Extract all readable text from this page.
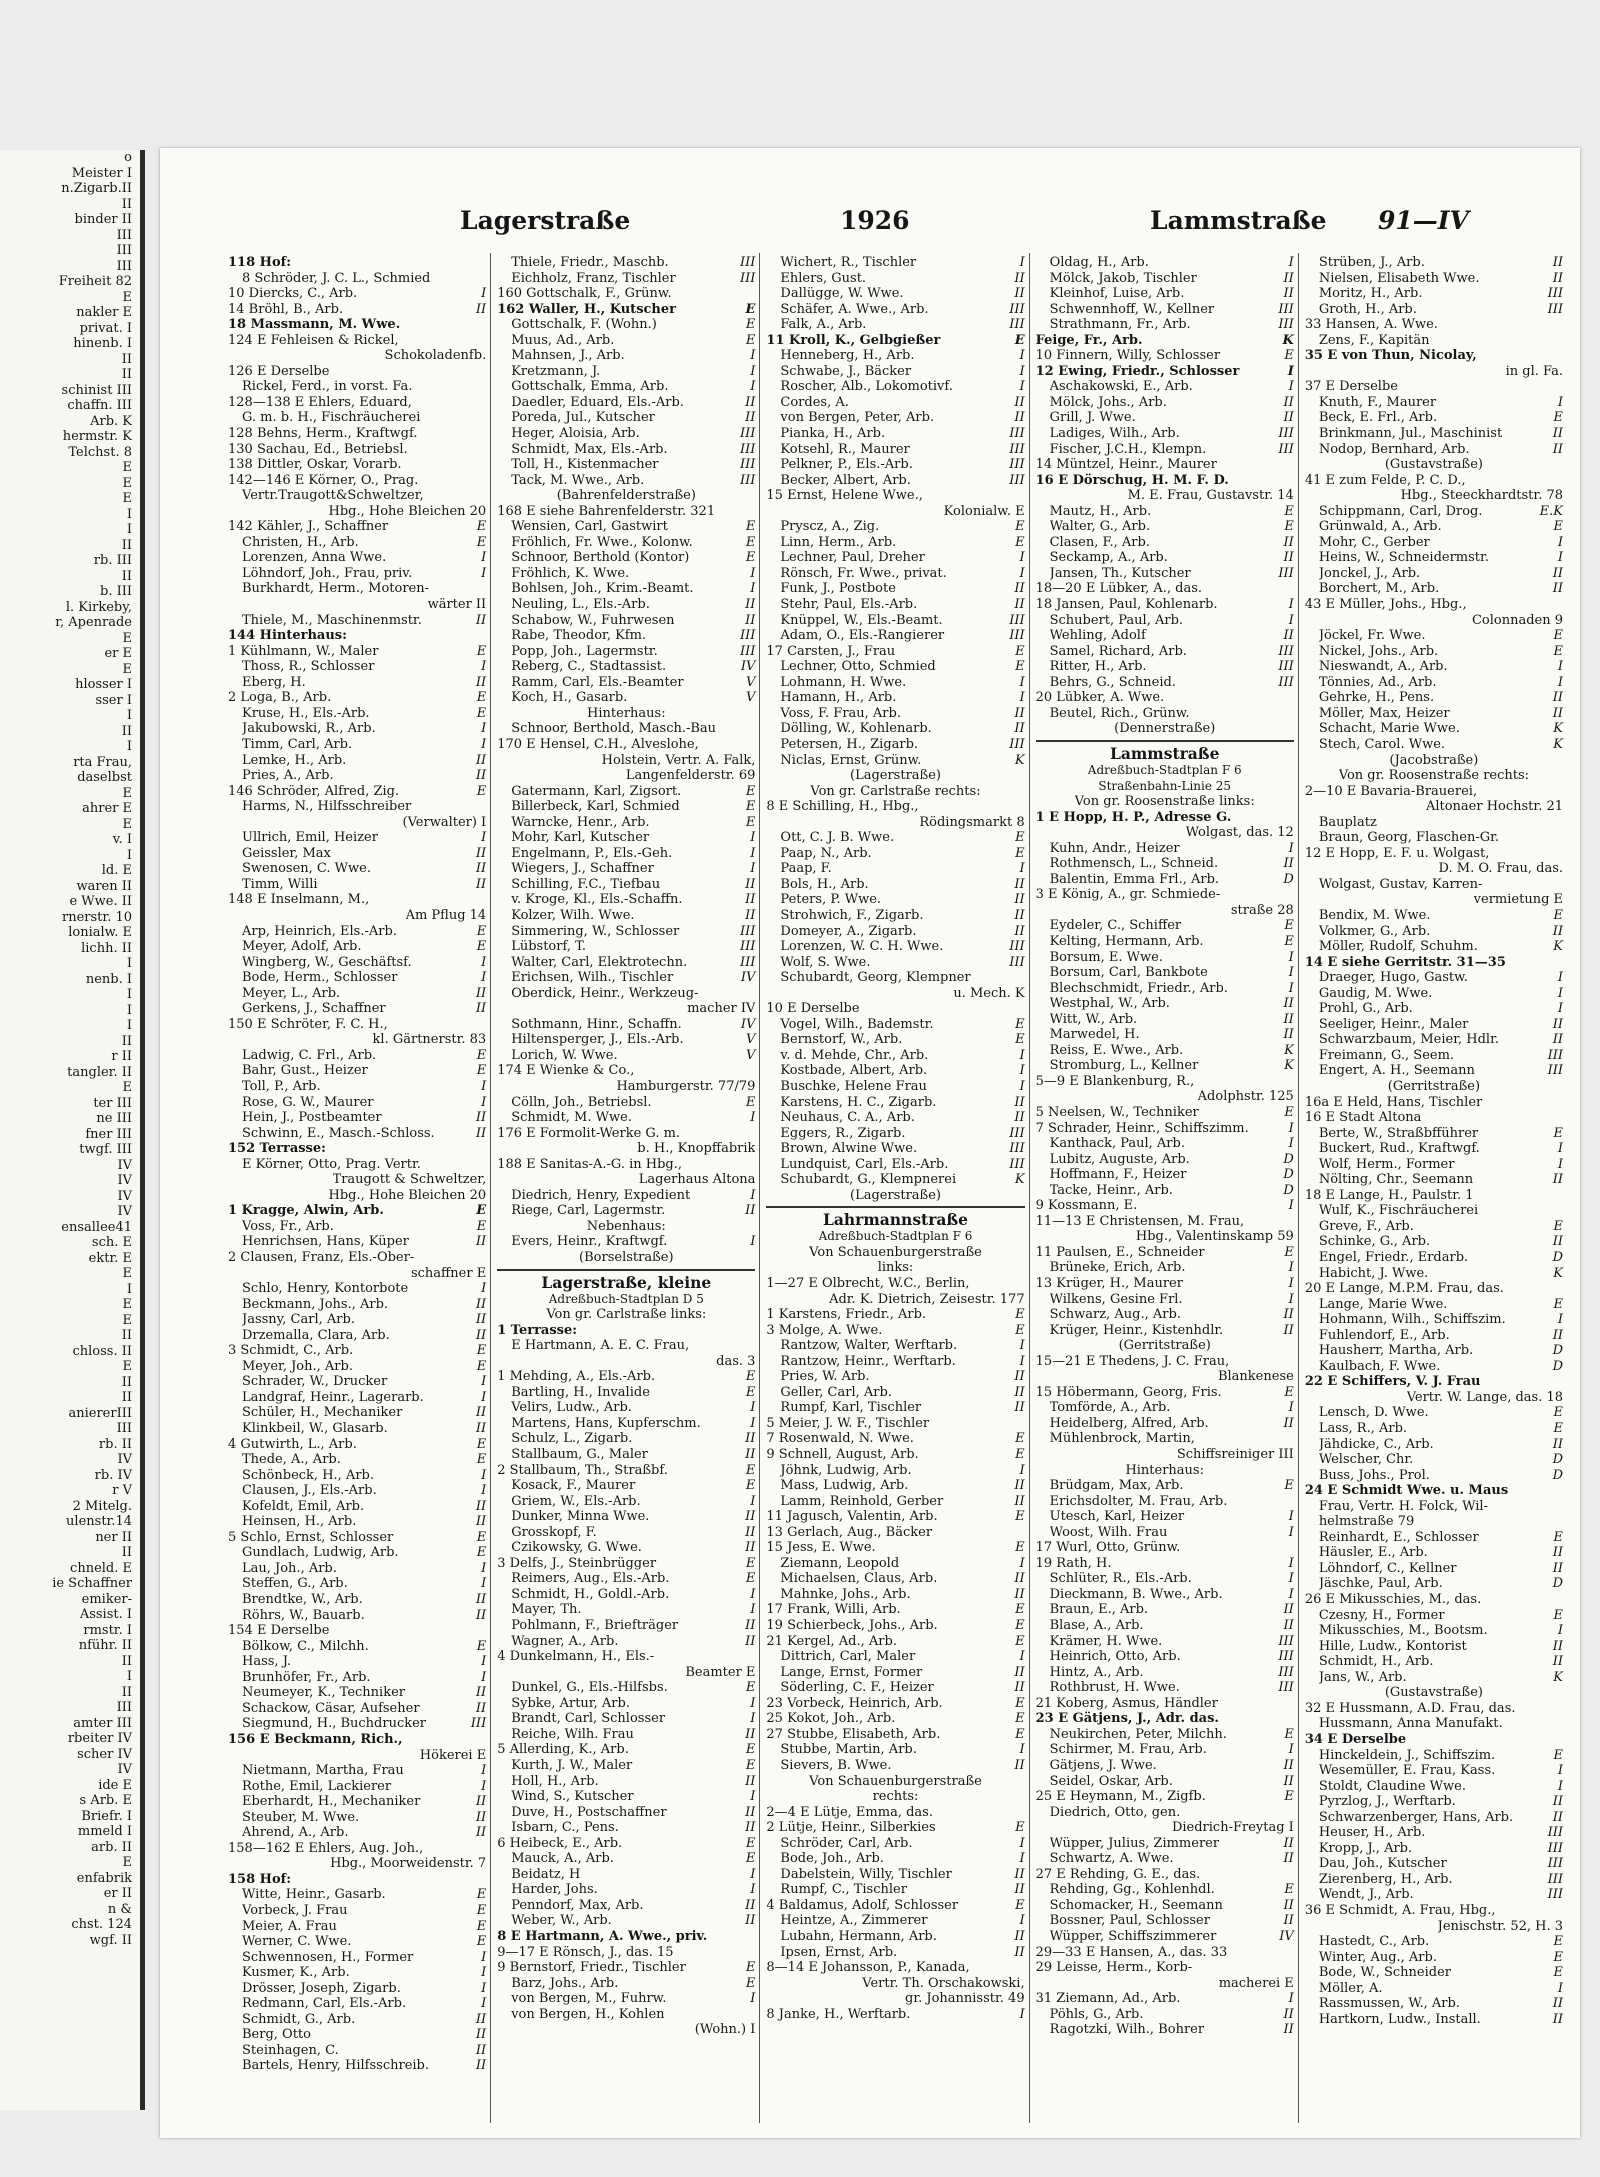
o
Meister I
n.Zigarb.II
II
binder II
III
III
III
Freiheit 82
E
nakler E
privat. I
hinenb. I
II
II
schinist III
chaffn. III
Arb. K
hermstr. K
Telchst. 8
E
E
E
I
I
II
rb. III
II
b. III
l. Kirkeby,
r, Apenrade
E
er E
E
hlosser I
sser I
I
II
I
rta Frau,
daselbst
E
ahrer E
E
v. I
I
ld. E
waren II
e Wwe. II
rnerstr. 10
lonialw. E
lichh. II
I
nenb. I
I
I
I
II
r II
tangler. II
E
ter III
ne III
fner III
twgf. III
IV
IV
IV
IV
ensallee41
sch. E
ektr. E
E
I
E
E
II
chloss. II
E
II
II
aniererIII
III
rb. II
IV
rb. IV
r V
2 Mitelg.
ulenstr.14
ner II
II
chneld. E
ie Schaffner
emiker-
Assist. I
rmstr. I
nführ. II
II
I
II
III
amter III
rbeiter IV
scher IV
IV
ide E
s Arb. E
Briefr. I
mmeld I
arb. II
E
enfabrik
er II
n &
chst. 124
wgf. II
Lagerstraße	1926	Lammstraße 91—IV
118 Hof:
8 Schröder, J. C. L., Schmied
10 Diercks, C., Arb.	I
14 Bröhl, B., Arb.	II
18 Massmann, M. Wwe.
124 E Fehleisen & Rickel,
Schokoladenfb.
126 E Derselbe
Rickel, Ferd., in vorst. Fa.
128—138 E Ehlers, Eduard,
G. m. b. H., Fischräucherei
128 Behns, Herm., Kraftwgf.
130 Sachau, Ed., Betriebsl.
138 Dittler, Oskar, Vorarb.
142—146 E Körner, O., Prag.
Vertr.Traugott&Schweltzer,
Hbg., Hohe Bleichen 20
142 Kähler, J., Schaffner	E
Christen, H., Arb.	E
Lorenzen, Anna Wwe.	I
Löhndorf, Joh., Frau, priv.	I
Burkhardt, Herm., Motoren-
wärter II
Thiele, M., Maschinenmstr.	II
144 Hinterhaus:
1 Kühlmann, W., Maler	E
Thoss, R., Schlosser	I
Eberg, H.	II
2 Loga, B., Arb.	E
Kruse, H., Els.-Arb.	E
Jakubowski, R., Arb.	I
Timm, Carl, Arb.	I
Lemke, H., Arb.	II
Pries, A., Arb.	II
146 Schröder, Alfred, Zig.	E
Harms, N., Hilfsschreiber
(Verwalter) I
Ullrich, Emil, Heizer	I
Geissler, Max	II
Swenosen, C. Wwe.	II
Timm, Willi	II
148 E Inselmann, M.,
Am Pflug 14
Arp, Heinrich, Els.-Arb.	E
Meyer, Adolf, Arb.	E
Wingberg, W., Geschäftsf.	I
Bode, Herm., Schlosser	I
Meyer, L., Arb.	II
Gerkens, J., Schaffner	II
150 E Schröter, F. C. H.,
kl. Gärtnerstr. 83
Ladwig, C. Frl., Arb.	E
Bahr, Gust., Heizer	E
Toll, P., Arb.	I
Rose, G. W., Maurer	I
Hein, J., Postbeamter	II
Schwinn, E., Masch.-Schloss.	II
152 Terrasse:
E Körner, Otto, Prag. Vertr.
Traugott & Schweltzer,
Hbg., Hohe Bleichen 20
1 Kragge, Alwin, Arb.	E
Voss, Fr., Arb.	E
Henrichsen, Hans, Küper	II
2 Clausen, Franz, Els.-Ober-
schaffner E
Schlo, Henry, Kontorbote	I
Beckmann, Johs., Arb.	II
Jassny, Carl, Arb.	II
Drzemalla, Clara, Arb.	II
3 Schmidt, C., Arb.	E
Meyer, Joh., Arb.	E
Schrader, W., Drucker	I
Landgraf, Heinr., Lagerarb.	I
Schüler, H., Mechaniker	II
Klinkbeil, W., Glasarb.	II
4 Gutwirth, L., Arb.	E
Thede, A., Arb.	E
Schönbeck, H., Arb.	I
Clausen, J., Els.-Arb.	I
Kofeldt, Emil, Arb.	II
Heinsen, H., Arb.	II
5 Schlo, Ernst, Schlosser	E
Gundlach, Ludwig, Arb.	E
Lau, Joh., Arb.	I
Steffen, G., Arb.	I
Brendtke, W., Arb.	II
Röhrs, W., Bauarb.	II
154 E Derselbe
Bölkow, C., Milchh.	E
Hass, J.	I
Brunhöfer, Fr., Arb.	I
Neumeyer, K., Techniker	II
Schackow, Cäsar, Aufseher	II
Siegmund, H., Buchdrucker	III
156 E Beckmann, Rich.,
Hökerei E
Nietmann, Martha, Frau	I
Rothe, Emil, Lackierer	I
Eberhardt, H., Mechaniker	II
Steuber, M. Wwe.	II
Ahrend, A., Arb.	II
158—162 E Ehlers, Aug. Joh.,
Hbg., Moorweidenstr. 7
158 Hof:
Witte, Heinr., Gasarb.	E
Vorbeck, J. Frau	E
Meier, A. Frau	E
Werner, C. Wwe.	E
Schwennosen, H., Former	I
Kusmer, K., Arb.	I
Drösser, Joseph, Zigarb.	I
Redmann, Carl, Els.-Arb.	I
Schmidt, G., Arb.	II
Berg, Otto	II
Steinhagen, C.	II
Bartels, Henry, Hilfsschreib.	II
Thiele, Friedr., Maschb.	III
Eichholz, Franz, Tischler	III
160 Gottschalk, F., Grünw.
162 Waller, H., Kutscher	E
Gottschalk, F. (Wohn.)	E
Muus, Ad., Arb.	E
Mahnsen, J., Arb.	I
Kretzmann, J.	I
Gottschalk, Emma, Arb.	I
Daedler, Eduard, Els.-Arb.	II
Poreda, Jul., Kutscher	II
Heger, Aloisia, Arb.	III
Schmidt, Max, Els.-Arb.	III
Toll, H., Kistenmacher	III
Tack, M. Wwe., Arb.	III
(Bahrenfelderstraße)
168 E siehe Bahrenfelderstr. 321
Wensien, Carl, Gastwirt	E
Fröhlich, Fr. Wwe., Kolonw.	E
Schnoor, Berthold (Kontor)	E
Fröhlich, K. Wwe.	I
Bohlsen, Joh., Krim.-Beamt.	I
Neuling, L., Els.-Arb.	II
Schabow, W., Fuhrwesen	II
Rabe, Theodor, Kfm.	III
Popp, Joh., Lagermstr.	III
Reberg, C., Stadtassist.	IV
Ramm, Carl, Els.-Beamter	V
Koch, H., Gasarb.	V
Hinterhaus:
Schnoor, Berthold, Masch.-Bau
170 E Hensel, C.H., Alveslohe,
Holstein, Vertr. A. Falk,
Langenfelderstr. 69
Gatermann, Karl, Zigsort.	E
Billerbeck, Karl, Schmied	E
Warncke, Henr., Arb.	E
Mohr, Karl, Kutscher	I
Engelmann, P., Els.-Geh.	I
Wiegers, J., Schaffner	I
Schilling, F.C., Tiefbau	II
v. Kroge, Kl., Els.-Schaffn.	II
Kolzer, Wilh. Wwe.	II
Simmering, W., Schlosser	III
Lübstorf, T.	III
Walter, Carl, Elektrotechn.	III
Erichsen, Wilh., Tischler	IV
Oberdick, Heinr., Werkzeug-
macher IV
Sothmann, Hinr., Schaffn.	IV
Hiltensperger, J., Els.-Arb.	V
Lorich, W. Wwe.	V
174 E Wienke & Co.,
Hamburgerstr. 77/79
Cölln, Joh., Betriebsl.	E
Schmidt, M. Wwe.	I
176 E Formolit-Werke G. m.
b. H., Knopffabrik
188 E Sanitas-A.-G. in Hbg.,
Lagerhaus Altona
Diedrich, Henry, Expedient	I
Riege, Carl, Lagermstr.	II
Nebenhaus:
Evers, Heinr., Kraftwgf.	I
(Borselstraße)
Lagerstraße, kleine
Adreßbuch-Stadtplan D 5
Von gr. Carlstraße links:
1 Terrasse:
E Hartmann, A. E. C. Frau,
das. 3
1 Mehding, A., Els.-Arb.	E
Bartling, H., Invalide	E
Velirs, Ludw., Arb.	I
Martens, Hans, Kupferschm.	I
Schulz, L., Zigarb.	II
Stallbaum, G., Maler	II
2 Stallbaum, Th., Straßbf.	E
Kosack, F., Maurer	E
Griem, W., Els.-Arb.	I
Dunker, Minna Wwe.	II
Grosskopf, F.	II
Czikowsky, G. Wwe.	II
3 Delfs, J., Steinbrügger	E
Reimers, Aug., Els.-Arb.	E
Schmidt, H., Goldl.-Arb.	I
Mayer, Th.	I
Pohlmann, F., Briefträger	II
Wagner, A., Arb.	II
4 Dunkelmann, H., Els.-
Beamter E
Dunkel, G., Els.-Hilfsbs.	E
Sybke, Artur, Arb.	I
Brandt, Carl, Schlosser	I
Reiche, Wilh. Frau	II
5 Allerding, K., Arb.	E
Kurth, J. W., Maler	E
Holl, H., Arb.	II
Wind, S., Kutscher	I
Duve, H., Postschaffner	II
Isbarn, C., Pens.	II
6 Heibeck, E., Arb.	E
Mauck, A., Arb.	E
Beidatz, H	I
Harder, Johs.	I
Penndorf, Max, Arb.	II
Weber, W., Arb.	II
8 E Hartmann, A. Wwe., priv.
9—17 E Rönsch, J., das. 15
9 Bernstorf, Friedr., Tischler	E
Barz, Johs., Arb.	E
von Bergen, M., Fuhrw.	I
von Bergen, H., Kohlen
(Wohn.) I
Wichert, R., Tischler	I
Ehlers, Gust.	II
Dallügge, W. Wwe.	II
Schäfer, A. Wwe., Arb.	III
Falk, A., Arb.	III
11 Kroll, K., Gelbgießer	E
Henneberg, H., Arb.	I
Schwabe, J., Bäcker	I
Roscher, Alb., Lokomotivf.	I
Cordes, A.	II
von Bergen, Peter, Arb.	II
Pianka, H., Arb.	III
Kotsehl, R., Maurer	III
Pelkner, P., Els.-Arb.	III
Becker, Albert, Arb.	III
15 Ernst, Helene Wwe.,
Kolonialw. E
Pryscz, A., Zig.	E
Linn, Herm., Arb.	E
Lechner, Paul, Dreher	I
Rönsch, Fr. Wwe., privat.	I
Funk, J., Postbote	II
Stehr, Paul, Els.-Arb.	II
Knüppel, W., Els.-Beamt.	III
Adam, O., Els.-Rangierer	III
17 Carsten, J., Frau	E
Lechner, Otto, Schmied	E
Lohmann, H. Wwe.	I
Hamann, H., Arb.	I
Voss, F. Frau, Arb.	II
Dölling, W., Kohlenarb.	II
Petersen, H., Zigarb.	III
Niclas, Ernst, Grünw.	K
(Lagerstraße)
Von gr. Carlstraße rechts:
8 E Schilling, H., Hbg.,
Rödingsmarkt 8
Ott, C. J. B. Wwe.	E
Paap, N., Arb.	E
Paap, F.	I
Bols, H., Arb.	II
Peters, P. Wwe.	II
Strohwich, F., Zigarb.	II
Domeyer, A., Zigarb.	II
Lorenzen, W. C. H. Wwe.	III
Wolf, S. Wwe.	III
Schubardt, Georg, Klempner
u. Mech. K
10 E Derselbe
Vogel, Wilh., Bademstr.	E
Bernstorf, W., Arb.	E
v. d. Mehde, Chr., Arb.	I
Kostbade, Albert, Arb.	I
Buschke, Helene Frau	I
Karstens, H. C., Zigarb.	II
Neuhaus, C. A., Arb.	II
Eggers, R., Zigarb.	III
Brown, Alwine Wwe.	III
Lundquist, Carl, Els.-Arb.	III
Schubardt, G., Klempnerei	K
(Lagerstraße)
Lahrmannstraße
Adreßbuch-Stadtplan F 6
Von Schauenburgerstraße
links:
1—27 E Olbrecht, W.C., Berlin,
Adr. K. Dietrich, Zeisestr. 177
1 Karstens, Friedr., Arb.	E
3 Molge, A. Wwe.	E
Rantzow, Walter, Werftarb.	I
Rantzow, Heinr., Werftarb.	I
Pries, W. Arb.	II
Geller, Carl, Arb.	II
Rumpf, Karl, Tischler	II
5 Meier, J. W. F., Tischler
7 Rosenwald, N. Wwe.	E
9 Schnell, August, Arb.	E
Jöhnk, Ludwig, Arb.	I
Mass, Ludwig, Arb.	II
Lamm, Reinhold, Gerber	II
11 Jagusch, Valentin, Arb.	E
13 Gerlach, Aug., Bäcker
15 Jess, E. Wwe.	E
Ziemann, Leopold	I
Michaelsen, Claus, Arb.	II
Mahnke, Johs., Arb.	II
17 Frank, Willi, Arb.	E
19 Schierbeck, Johs., Arb.	E
21 Kergel, Ad., Arb.	E
Dittrich, Carl, Maler	I
Lange, Ernst, Former	II
Söderling, C. F., Heizer	II
23 Vorbeck, Heinrich, Arb.	E
25 Kokot, Joh., Arb.	E
27 Stubbe, Elisabeth, Arb.	E
Stubbe, Martin, Arb.	I
Sievers, B. Wwe.	II
Von Schauenburgerstraße
rechts:
2—4 E Lütje, Emma, das.
2 Lütje, Heinr., Silberkies	E
Schröder, Carl, Arb.	I
Bode, Joh., Arb.	I
Dabelstein, Willy, Tischler	II
Rumpf, C., Tischler	II
4 Baldamus, Adolf, Schlosser	E
Heintze, A., Zimmerer	I
Lubahn, Hermann, Arb.	II
Ipsen, Ernst, Arb.	II
8—14 E Johansson, P., Kanada,
Vertr. Th. Orschakowski,
gr. Johannisstr. 49
8 Janke, H., Werftarb.	I
Oldag, H., Arb.	I
Mölck, Jakob, Tischler	II
Kleinhof, Luise, Arb.	II
Schwennhoff, W., Kellner	III
Strathmann, Fr., Arb.	III
Feige, Fr., Arb.	K
10 Finnern, Willy, Schlosser	E
12 Ewing, Friedr., Schlosser	I
Aschakowski, E., Arb.	I
Mölck, Johs., Arb.	II
Grill, J. Wwe.	II
Ladiges, Wilh., Arb.	III
Fischer, J.C.H., Klempn.	III
14 Müntzel, Heinr., Maurer
16 E Dörschug, H. M. F. D.
M. E. Frau, Gustavstr. 14
Mautz, H., Arb.	E
Walter, G., Arb.	E
Clasen, F., Arb.	II
Seckamp, A., Arb.	II
Jansen, Th., Kutscher	III
18—20 E Lübker, A., das.
18 Jansen, Paul, Kohlenarb.	I
Schubert, Paul, Arb.	I
Wehling, Adolf	II
Samel, Richard, Arb.	III
Ritter, H., Arb.	III
Behrs, G., Schneid.	III
20 Lübker, A. Wwe.
Beutel, Rich., Grünw.
(Dennerstraße)
Lammstraße
Adreßbuch-Stadtplan F 6
Straßenbahn-Linie 25
Von gr. Roosenstraße links:
1 E Hopp, H. P., Adresse G.
Wolgast, das. 12
Kuhn, Andr., Heizer	I
Rothmensch, L., Schneid.	II
Balentin, Emma Frl., Arb.	D
3 E König, A., gr. Schmiede-
straße 28
Eydeler, C., Schiffer	E
Kelting, Hermann, Arb.	E
Borsum, E. Wwe.	I
Borsum, Carl, Bankbote	I
Blechschmidt, Friedr., Arb.	I
Westphal, W., Arb.	II
Witt, W., Arb.	II
Marwedel, H.	II
Reiss, E. Wwe., Arb.	K
Stromburg, L., Kellner	K
5—9 E Blankenburg, R.,
Adolphstr. 125
5 Neelsen, W., Techniker	E
7 Schrader, Heinr., Schiffszimm.	I
Kanthack, Paul, Arb.	I
Lubitz, Auguste, Arb.	D
Hoffmann, F., Heizer	D
Tacke, Heinr., Arb.	D
9 Kossmann, E.	I
11—13 E Christensen, M. Frau,
Hbg., Valentinskamp 59
11 Paulsen, E., Schneider	E
Brüneke, Erich, Arb.	I
13 Krüger, H., Maurer	I
Wilkens, Gesine Frl.	I
Schwarz, Aug., Arb.	II
Krüger, Heinr., Kistenhdlr.	II
(Gerritstraße)
15—21 E Thedens, J. C. Frau,
Blankenese
15 Höbermann, Georg, Fris.	E
Tomförde, A., Arb.	I
Heidelberg, Alfred, Arb.	II
Mühlenbrock, Martin,
Schiffsreiniger III
Hinterhaus:
Brüdgam, Max, Arb.	E
Erichsdolter, M. Frau, Arb.
Utesch, Karl, Heizer	I
Woost, Wilh. Frau	I
17 Wurl, Otto, Grünw.
19 Rath, H.	I
Schlüter, R., Els.-Arb.	I
Dieckmann, B. Wwe., Arb.	I
Braun, E., Arb.	II
Blase, A., Arb.	II
Krämer, H. Wwe.	III
Heinrich, Otto, Arb.	III
Hintz, A., Arb.	III
Rothbrust, H. Wwe.	III
21 Koberg, Asmus, Händler
23 E Gätjens, J., Adr. das.
Neukirchen, Peter, Milchh.	E
Schirmer, M. Frau, Arb.	I
Gätjens, J. Wwe.	II
Seidel, Oskar, Arb.	II
25 E Heymann, M., Zigfb.	E
Diedrich, Otto, gen.
Diedrich-Freytag I
Wüpper, Julius, Zimmerer	II
Schwartz, A. Wwe.	II
27 E Rehding, G. E., das.
Rehding, Gg., Kohlenhdl.	E
Schomacker, H., Seemann	II
Bossner, Paul, Schlosser	II
Wüpper, Schiffszimmerer	IV
29—33 E Hansen, A., das. 33
29 Leisse, Herm., Korb-
macherei E
31 Ziemann, Ad., Arb.	I
Pöhls, G., Arb.	II
Ragotzki, Wilh., Bohrer	II
Strüben, J., Arb.	II
Nielsen, Elisabeth Wwe.	II
Moritz, H., Arb.	III
Groth, H., Arb.	III
33 Hansen, A. Wwe.
Zens, F., Kapitän
35 E von Thun, Nicolay,
in gl. Fa.
37 E Derselbe
Knuth, F., Maurer	I
Beck, E. Frl., Arb.	E
Brinkmann, Jul., Maschinist	II
Nodop, Bernhard, Arb.	II
(Gustavstraße)
41 E zum Felde, P. C. D.,
Hbg., Steeckhardtstr. 78
Schippmann, Carl, Drog.	E.K
Grünwald, A., Arb.	E
Mohr, C., Gerber	I
Heins, W., Schneidermstr.	I
Jonckel, J., Arb.	II
Borchert, M., Arb.	II
43 E Müller, Johs., Hbg.,
Colonnaden 9
Jöckel, Fr. Wwe.	E
Nickel, Johs., Arb.	E
Nieswandt, A., Arb.	I
Tönnies, Ad., Arb.	I
Gehrke, H., Pens.	II
Möller, Max, Heizer	II
Schacht, Marie Wwe.	K
Stech, Carol. Wwe.	K
(Jacobstraße)
Von gr. Roosenstraße rechts:
2—10 E Bavaria-Brauerei,
Altonaer Hochstr. 21
Bauplatz
Braun, Georg, Flaschen-Gr.
12 E Hopp, E. F. u. Wolgast,
D. M. O. Frau, das.
Wolgast, Gustav, Karren-
vermietung E
Bendix, M. Wwe.	E
Volkmer, G., Arb.	II
Möller, Rudolf, Schuhm.	K
14 E siehe Gerritstr. 31—35
Draeger, Hugo, Gastw.	I
Gaudig, M. Wwe.	I
Prohl, G., Arb.	I
Seeliger, Heinr., Maler	II
Schwarzbaum, Meier, Hdlr.	II
Freimann, G., Seem.	III
Engert, A. H., Seemann	III
(Gerritstraße)
16a E Held, Hans, Tischler
16 E Stadt Altona
Berte, W., Straßbfführer	E
Buckert, Rud., Kraftwgf.	I
Wolf, Herm., Former	I
Nölting, Chr., Seemann	II
18 E Lange, H., Paulstr. 1
Wulf, K., Fischräucherei
Greve, F., Arb.	E
Schinke, G., Arb.	II
Engel, Friedr., Erdarb.	D
Habicht, J. Wwe.	K
20 E Lange, M.P.M. Frau, das.
Lange, Marie Wwe.	E
Hohmann, Wilh., Schiffszim.	I
Fuhlendorf, E., Arb.	II
Hausherr, Martha, Arb.	D
Kaulbach, F. Wwe.	D
22 E Schiffers, V. J. Frau
Vertr. W. Lange, das. 18
Lensch, D. Wwe.	E
Lass, R., Arb.	E
Jähdicke, C., Arb.	II
Welscher, Chr.	D
Buss, Johs., Prol.	D
24 E Schmidt Wwe. u. Maus
Frau, Vertr. H. Folck, Wil-
helmstraße 79
Reinhardt, E., Schlosser	E
Häusler, E., Arb.	II
Löhndorf, C., Kellner	II
Jäschke, Paul, Arb.	D
26 E Mikusschies, M., das.
Czesny, H., Former	E
Mikusschies, M., Bootsm.	I
Hille, Ludw., Kontorist	II
Schmidt, H., Arb.	II
Jans, W., Arb.	K
(Gustavstraße)
32 E Hussmann, A.D. Frau, das.
Hussmann, Anna Manufakt.
34 E Derselbe
Hinckeldein, J., Schiffszim.	E
Wesemüller, E. Frau, Kass.	I
Stoldt, Claudine Wwe.	I
Pyrzlog, J., Werftarb.	II
Schwarzenberger, Hans, Arb.	II
Heuser, H., Arb.	III
Kropp, J., Arb.	III
Dau, Joh., Kutscher	III
Zierenberg, H., Arb.	III
Wendt, J., Arb.	III
36 E Schmidt, A. Frau, Hbg.,
Jenischstr. 52, H. 3
Hastedt, C., Arb.	E
Winter, Aug., Arb.	E
Bode, W., Schneider	E
Möller, A.	I
Rassmussen, W., Arb.	II
Hartkorn, Ludw., Install.	II
